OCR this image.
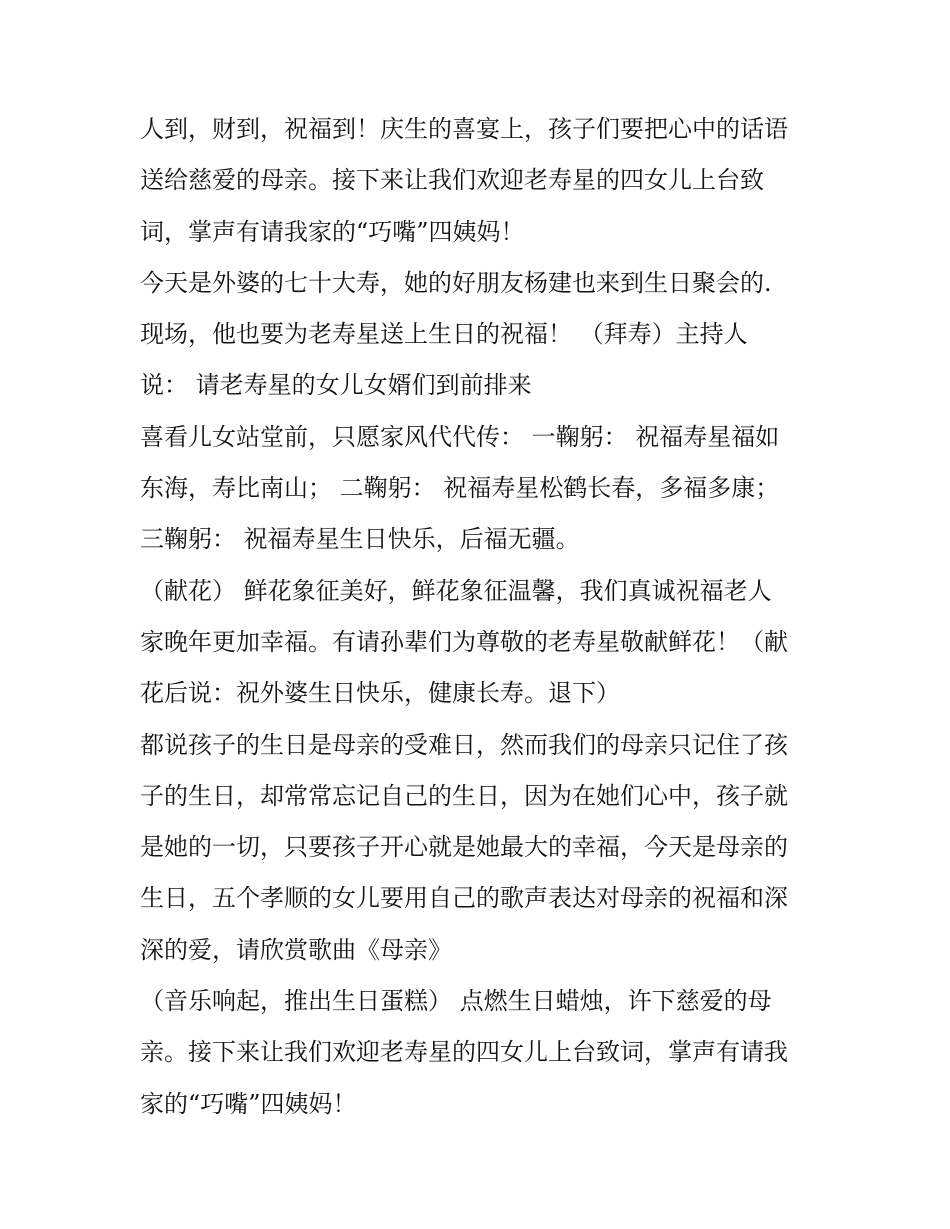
人到，财到，祝福到！庆生的喜宴上，孩子们要把心中的话语
送给慈爱的母亲。接下来让我们欢迎老寿星的四女儿上台致
词，掌声有请我家的“巧嘴”四姨妈！
今天是外婆的七十大寿，她的好朋友杨建也来到生日聚会的.
现场，他也要为老寿星送上生日的祝福！ （拜寿）主持人
说： 请老寿星的女儿女婿们到前排来
喜看儿女站堂前，只愿家风代代传： 一鞠躬： 祝福寿星福如
东海，寿比南山； 二鞠躬： 祝福寿星松鹤长春，多福多康；
三鞠躬： 祝福寿星生日快乐，后福无疆。
（献花） 鲜花象征美好，鲜花象征温馨，我们真诚祝福老人
家晚年更加幸福。有请孙辈们为尊敬的老寿星敬献鲜花！（献
花后说：祝外婆生日快乐，健康长寿。退下）
都说孩子的生日是母亲的受难日，然而我们的母亲只记住了孩
子的生日，却常常忘记自己的生日，因为在她们心中，孩子就
是她的一切，只要孩子开心就是她最大的幸福，今天是母亲的
生日，五个孝顺的女儿要用自己的歌声表达对母亲的祝福和深
深的爱，请欣赏歌曲《母亲》
（音乐响起，推出生日蛋糕） 点燃生日蜡烛，许下慈爱的母
亲。接下来让我们欢迎老寿星的四女儿上台致词，掌声有请我
家的“巧嘴”四姨妈！
